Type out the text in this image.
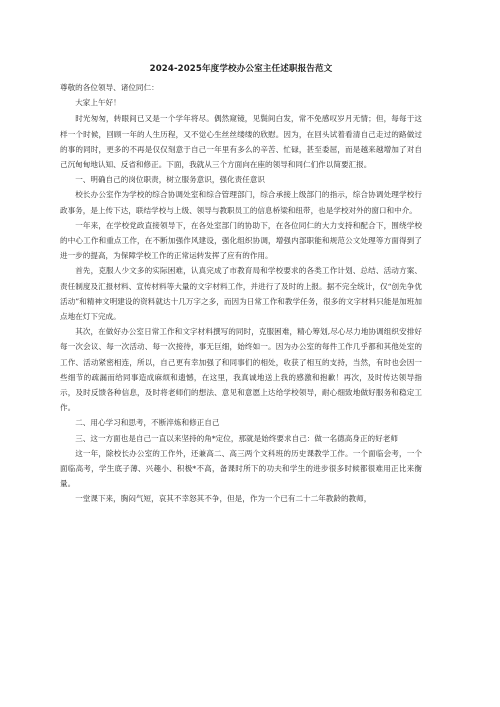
2024-2025年度学校办公室主任述职报告范文

尊敬的各位领导、诸位同仁：

大家上午好！

时光匆匆，转眼间已又是一个学年将尽。偶然窥镜，见鬓间白发，常不免感叹岁月无情；但，每每于这样一个时候，回顾一年的人生历程，又不觉心生丝丝缕缕的欣慰。因为，在回头试着看清自己走过的路做过的事的同时，更多的不再是仅仅刻意于自己一年里有多么的辛苦、忙碌，甚至委屈，而是越来越增加了对自己沉甸甸地认知、反省和修正。下面，我就从三个方面向在座的领导和同仁们作以简要汇报。

一、明确自己的岗位职责，树立服务意识，强化责任意识

校长办公室作为学校的综合协调处室和综合管理部门，综合承接上级部门的指示，综合协调处理学校行政事务，是上传下达，联结学校与上级、领导与教职员工的信息桥梁和纽带，也是学校对外的窗口和中介。

一年来，在学校党政直接领导下，在各处室部门的协助下，在各位同仁的大力支持和配合下，围绕学校的中心工作和重点工作，在不断加强作风建设，强化组织协调，增强内部职能和规范公文处理等方面得到了进一步的提高，为保障学校工作的正常运转发挥了应有的作用。

首先，克服人少文多的实际困难，认真完成了市教育局和学校要求的各类工作计划、总结、活动方案、责任制度及汇报材料、宣传材料等大量的文字材料工作，并进行了及时的上报。据不完全统计，仅“创先争优活动”和精神文明建设的资料就达十几万字之多，而因为日常工作和教学任务，很多的文字材料只能是加班加点地在灯下完成。

其次，在做好办公室日常工作和文字材料撰写的同时，克服困难，精心筹划,尽心尽力地协调组织安排好每一次会议、每一次活动、每一次接待，事无巨细，始终如一。因为办公室的每件工作几乎都和其他处室的工作、活动紧密相连，所以，自己更有幸加强了和同事们的相处，收获了相互的支持，当然，有时也会因一些细节的疏漏而给同事造成麻烦和遗憾，在这里，我真诚地送上我的感激和抱歉！再次，及时传达领导指示，及时反馈各种信息，及时将老师们的想法、意见和意愿上达给学校领导，耐心细致地做好服务和稳定工作。

二、用心学习和思考，不断淬炼和修正自己

三、这一方面也是自己一直以来坚持的角*定位，那就是始终要求自己：做一名德高身正的好老师

这一年，除校长办公室的工作外，还兼高二、高三两个文科班的历史课教学工作。一个面临会考，一个面临高考，学生底子薄、兴趣小、积极*不高，备课时所下的功夫和学生的进步很多时候都很难用正比来衡量。

一堂课下来，胸闷气短，哀其不幸怒其不争，但是，作为一个已有二十二年教龄的教师，
